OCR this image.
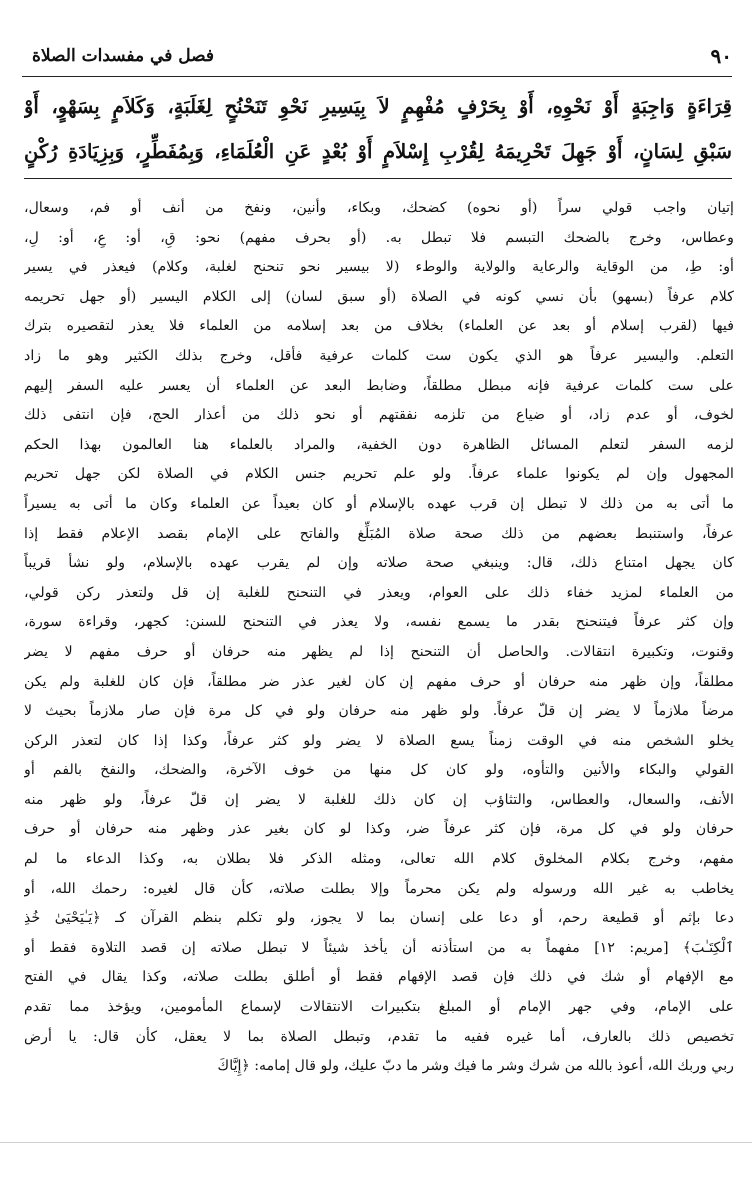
٩٠
فصل في مفسدات الصلاة
قِرَاءَةٍ وَاجِبَةٍ أَوْ نَحْوِهِ، أَوْ بِحَرْفٍ مُفْهِمٍ لاَ بِيَسِيرِ نَحْوِ تَنَحْنُحٍ لِغَلَبَةٍ، وَكَلاَمٍ بِسَهْوٍ، أَوْ
سَبْقِ لِسَانٍ، أَوْ جَهِلَ تَحْرِيمَهُ لِقُرْبِ إِسْلاَمٍ أَوْ بُعْدٍ عَنِ الْعُلَمَاءِ، وَبِمُفَطِّرٍ، وَبِزِيَادَةِ رُكْنٍ
إتيان واجب قولي سراً (أو نحوه) كضحك، وبكاء، وأنين، ونفخ من أنف أو فم، وسعال،
وعطاس، وخرج بالضحك التبسم فلا تبطل به. (أو بحرف مفهم) نحو: قِ، أو: عِ، أو: لِ،
أو: طِ، من الوقاية والرعاية والولاية والوطء (لا بيسير نحو تنحنح لغلبة، وكلام) فيعذر في يسير
كلام عرفاً (بسهو) بأن نسي كونه في الصلاة (أو سبق لسان) إلى الكلام اليسير (أو جهل تحريمه
فيها (لقرب إسلام أو بعد عن العلماء) بخلاف من بعد إسلامه من العلماء فلا يعذر لتقصيره بترك
التعلم. واليسير عرفاً هو الذي يكون ست كلمات عرفية فأقل، وخرج بذلك الكثير وهو ما زاد
على ست كلمات عرفية فإنه مبطل مطلقاً، وضابط البعد عن العلماء أن يعسر عليه السفر إليهم
لخوف، أو عدم زاد، أو ضياع من تلزمه نفقتهم أو نحو ذلك من أعذار الحج، فإن انتفى ذلك
لزمه السفر لتعلم المسائل الظاهرة دون الخفية، والمراد بالعلماء هنا العالمون بهذا الحكم
المجهول وإن لم يكونوا علماء عرفاً. ولو علم تحريم جنس الكلام في الصلاة لكن جهل تحريم
ما أتى به من ذلك لا تبطل إن قرب عهده بالإسلام أو كان بعيداً عن العلماء وكان ما أتى به يسيراً
عرفاً، واستنبط بعضهم من ذلك صحة صلاة المُبَلِّغ والفاتح على الإمام بقصد الإعلام فقط إذا
كان يجهل امتناع ذلك، قال: وينبغي صحة صلاته وإن لم يقرب عهده بالإسلام، ولو نشأ قريباً
من العلماء لمزيد خفاء ذلك على العوام، ويعذر في التنحنح للغلبة إن قل ولتعذر ركن قولي،
وإن كثر عرفاً فيتنحنح بقدر ما يسمع نفسه، ولا يعذر في التنحنح للسنن: كجهر، وقراءة سورة،
وقنوت، وتكبيرة انتقالات. والحاصل أن التنحنح إذا لم يظهر منه حرفان أو حرف مفهم لا يضر
مطلقاً، وإن ظهر منه حرفان أو حرف مفهم إن كان لغير عذر ضر مطلقاً، فإن كان للغلبة ولم يكن
مرضاً ملازماً لا يضر إن قلّ عرفاً. ولو ظهر منه حرفان ولو في كل مرة فإن صار ملازماً بحيث لا
يخلو الشخص منه في الوقت زمناً يسع الصلاة لا يضر ولو كثر عرفاً، وكذا إذا كان لتعذر الركن
القولي والبكاء والأنين والتأوه، ولو كان كل منها من خوف الآخرة، والضحك، والنفخ بالفم أو
الأنف، والسعال، والعطاس، والتثاؤب إن كان ذلك للغلبة لا يضر إن قلّ عرفاً، ولو ظهر منه
حرفان ولو في كل مرة، فإن كثر عرفاً ضر، وكذا لو كان بغير عذر وظهر منه حرفان أو حرف
مفهم، وخرج بكلام المخلوق كلام الله تعالى، ومثله الذكر فلا بطلان به، وكذا الدعاء ما لم
يخاطب به غير الله ورسوله ولم يكن محرماً وإلا بطلت صلاته، كأن قال لغيره: رحمك الله، أو
دعا بإثم أو قطيعة رحم، أو دعا على إنسان بما لا يجوز، ولو تكلم بنظم القرآن كـ ﴿يَـٰيَحْيَىٰ خُذِ
ٱلْكِتَـٰبَ﴾ [مريم: ١٢] مفهماً به من استأذنه أن يأخذ شيئاً لا تبطل صلاته إن قصد التلاوة فقط أو
مع الإفهام أو شك في ذلك فإن قصد الإفهام فقط أو أطلق بطلت صلاته، وكذا يقال في الفتح
على الإمام، وفي جهر الإمام أو المبلغ بتكبيرات الانتقالات لإسماع المأمومين، ويؤخذ مما تقدم
تخصيص ذلك بالعارف، أما غيره ففيه ما تقدم، وتبطل الصلاة بما لا يعقل، كأن قال: يا أرض
ربي وربك الله، أعوذ بالله من شرك وشر ما فيك وشر ما دبّ عليك، ولو قال إمامه: ﴿إِيَّاكَ
